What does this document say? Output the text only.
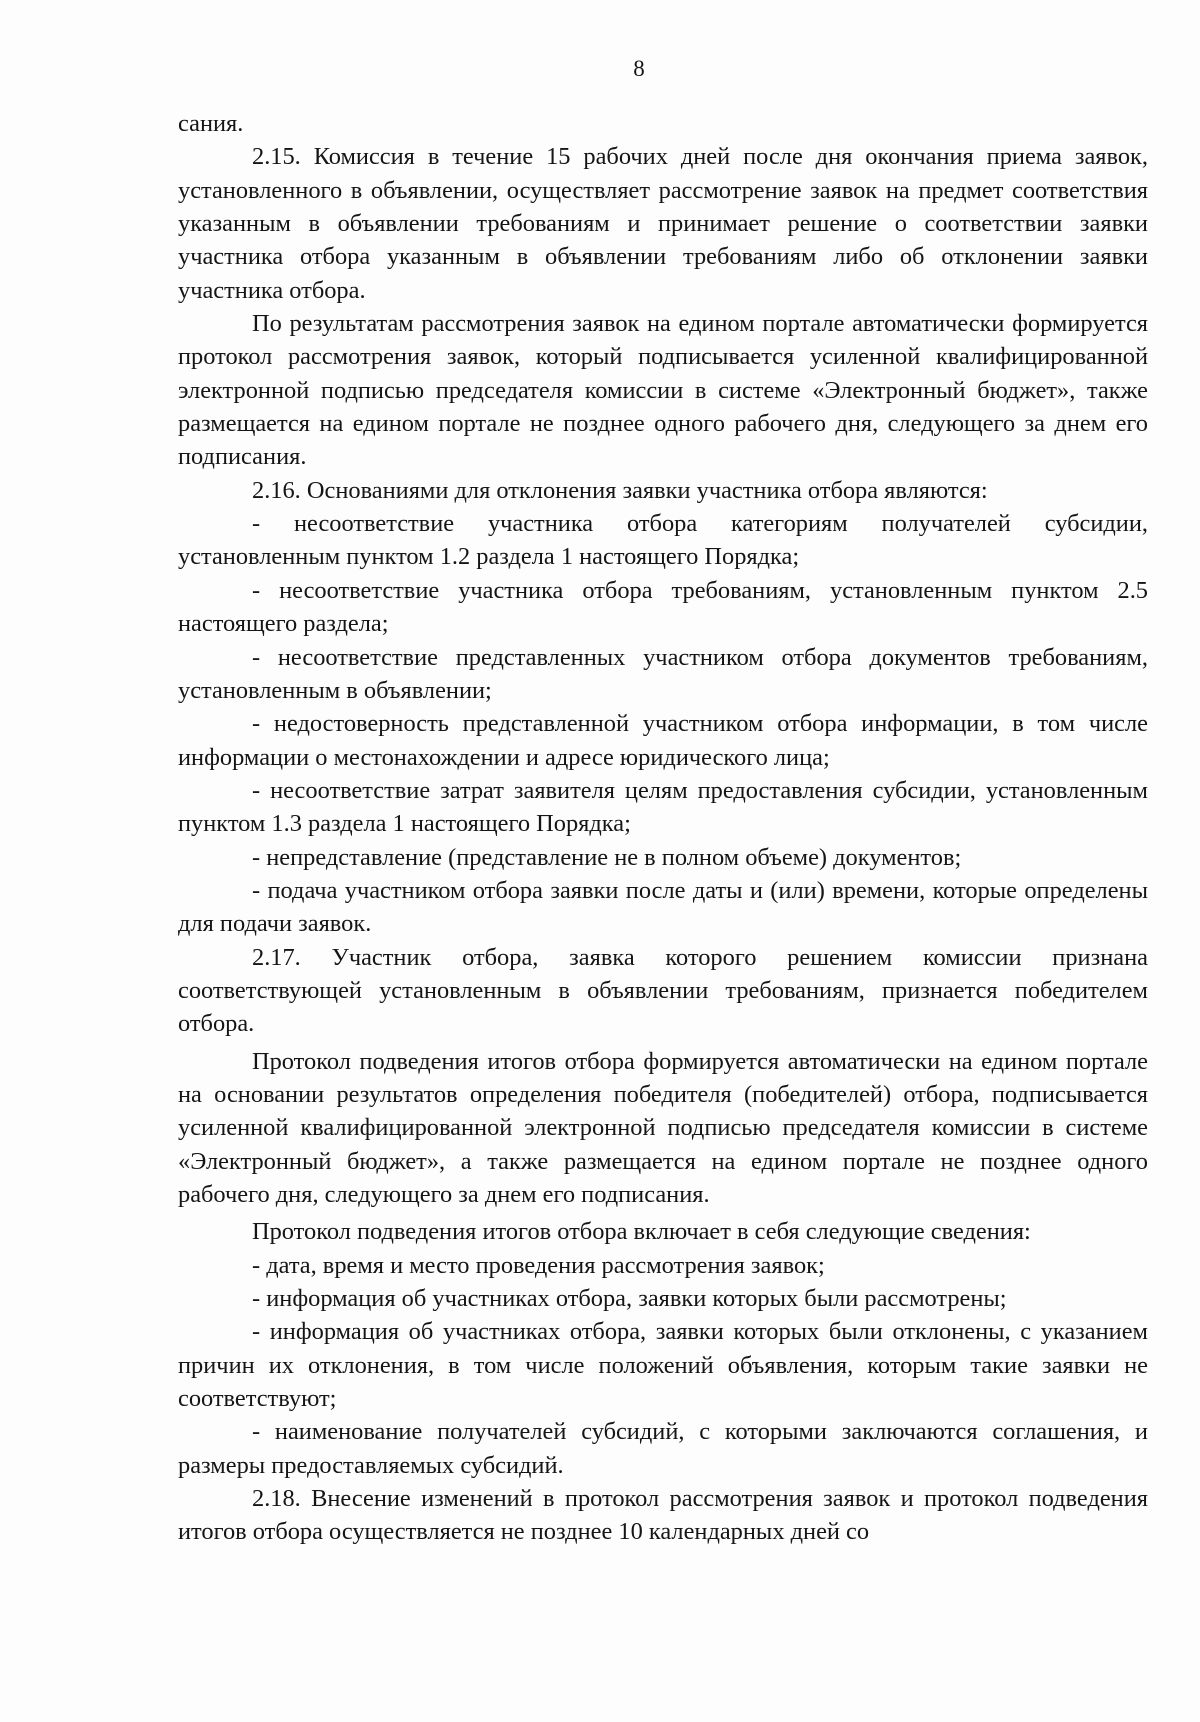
8

сания.

2.15. Комиссия в течение 15 рабочих дней после дня окончания приема заявок, установленного в объявлении, осуществляет рассмотрение заявок на предмет соответствия указанным в объявлении требованиям и принимает решение о соответствии заявки участника отбора указанным в объявлении требованиям либо об отклонении заявки участника отбора.

По результатам рассмотрения заявок на едином портале автоматически формируется протокол рассмотрения заявок, который подписывается усиленной квалифицированной электронной подписью председателя комиссии в системе «Электронный бюджет», также размещается на едином портале не позднее одного рабочего дня, следующего за днем его подписания.

2.16. Основаниями для отклонения заявки участника отбора являются:

- несоответствие участника отбора категориям получателей субсидии, установленным пунктом 1.2 раздела 1 настоящего Порядка;

- несоответствие участника отбора требованиям, установленным пунктом 2.5 настоящего раздела;

- несоответствие представленных участником отбора документов требованиям, установленным в объявлении;

- недостоверность представленной участником отбора информации, в том числе информации о местонахождении и адресе юридического лица;

- несоответствие затрат заявителя целям предоставления субсидии, установленным пунктом 1.3 раздела 1 настоящего Порядка;

- непредставление (представление не в полном объеме) документов;

- подача участником отбора заявки после даты и (или) времени, которые определены для подачи заявок.

2.17. Участник отбора, заявка которого решением комиссии признана соответствующей установленным в объявлении требованиям, признается победителем отбора.

Протокол подведения итогов отбора формируется автоматически на едином портале на основании результатов определения победителя (победителей) отбора, подписывается усиленной квалифицированной электронной подписью председателя комиссии в системе «Электронный бюджет», а также размещается на едином портале не позднее одного рабочего дня, следующего за днем его подписания.

Протокол подведения итогов отбора включает в себя следующие сведения:

- дата, время и место проведения рассмотрения заявок;

- информация об участниках отбора, заявки которых были рассмотрены;

- информация об участниках отбора, заявки которых были отклонены, с указанием причин их отклонения, в том числе положений объявления, которым такие заявки не соответствуют;

- наименование получателей субсидий, с которыми заключаются соглашения, и размеры предоставляемых субсидий.

2.18. Внесение изменений в протокол рассмотрения заявок и протокол подведения итогов отбора осуществляется не позднее 10 календарных дней со
